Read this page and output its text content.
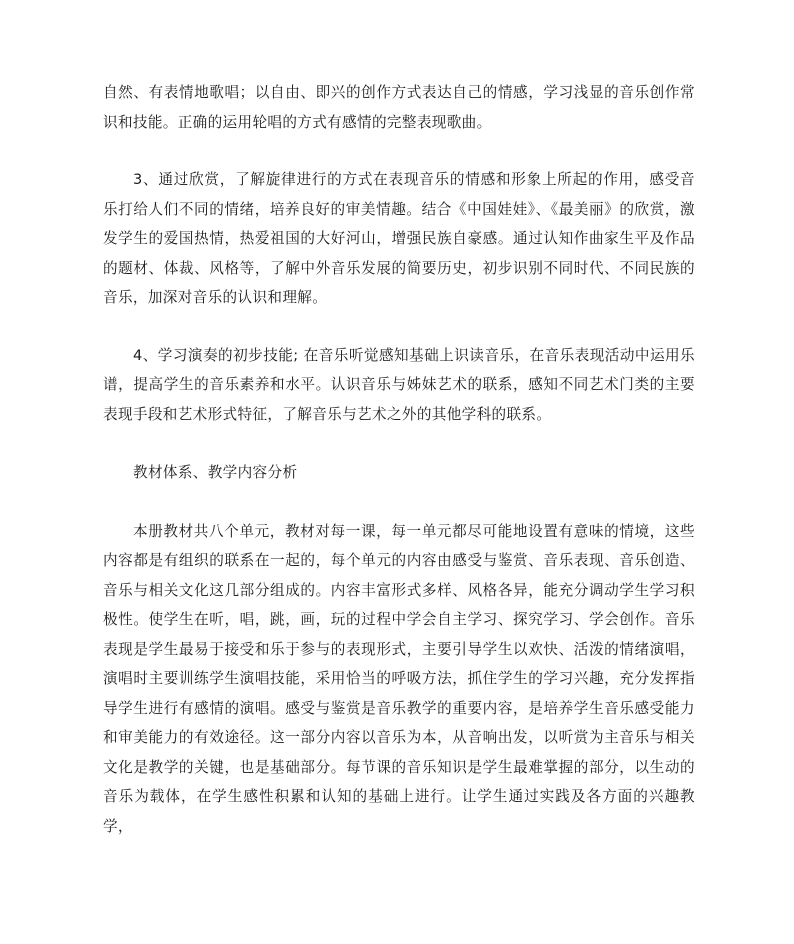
自然、有表情地歌唱；以自由、即兴的创作方式表达自己的情感，学习浅显的音乐创作常识和技能。正确的运用轮唱的方式有感情的完整表现歌曲。

3、通过欣赏，了解旋律进行的方式在表现音乐的情感和形象上所起的作用，感受音乐打给人们不同的情绪，培养良好的审美情趣。结合《中国娃娃》、《最美丽》的欣赏，激发学生的爱国热情，热爱祖国的大好河山，增强民族自豪感。通过认知作曲家生平及作品的题材、体裁、风格等，了解中外音乐发展的简要历史，初步识别不同时代、不同民族的音乐，加深对音乐的认识和理解。

4、学习演奏的初步技能; 在音乐听觉感知基础上识读音乐，在音乐表现活动中运用乐谱，提高学生的音乐素养和水平。认识音乐与姊妹艺术的联系，感知不同艺术门类的主要表现手段和艺术形式特征，了解音乐与艺术之外的其他学科的联系。

教材体系、教学内容分析

本册教材共八个单元，教材对每一课，每一单元都尽可能地设置有意味的情境，这些内容都是有组织的联系在一起的，每个单元的内容由感受与鉴赏、音乐表现、音乐创造、音乐与相关文化这几部分组成的。内容丰富形式多样、风格各异，能充分调动学生学习积极性。使学生在听，唱，跳，画，玩的过程中学会自主学习、探究学习、学会创作。音乐表现是学生最易于接受和乐于参与的表现形式，主要引导学生以欢快、活泼的情绪演唱，演唱时主要训练学生演唱技能，采用恰当的呼吸方法，抓住学生的学习兴趣，充分发挥指导学生进行有感情的演唱。感受与鉴赏是音乐教学的重要内容，是培养学生音乐感受能力和审美能力的有效途径。这一部分内容以音乐为本，从音响出发，以听赏为主音乐与相关文化是教学的关键，也是基础部分。每节课的音乐知识是学生最难掌握的部分，以生动的音乐为载体，在学生感性积累和认知的基础上进行。让学生通过实践及各方面的兴趣教学，
